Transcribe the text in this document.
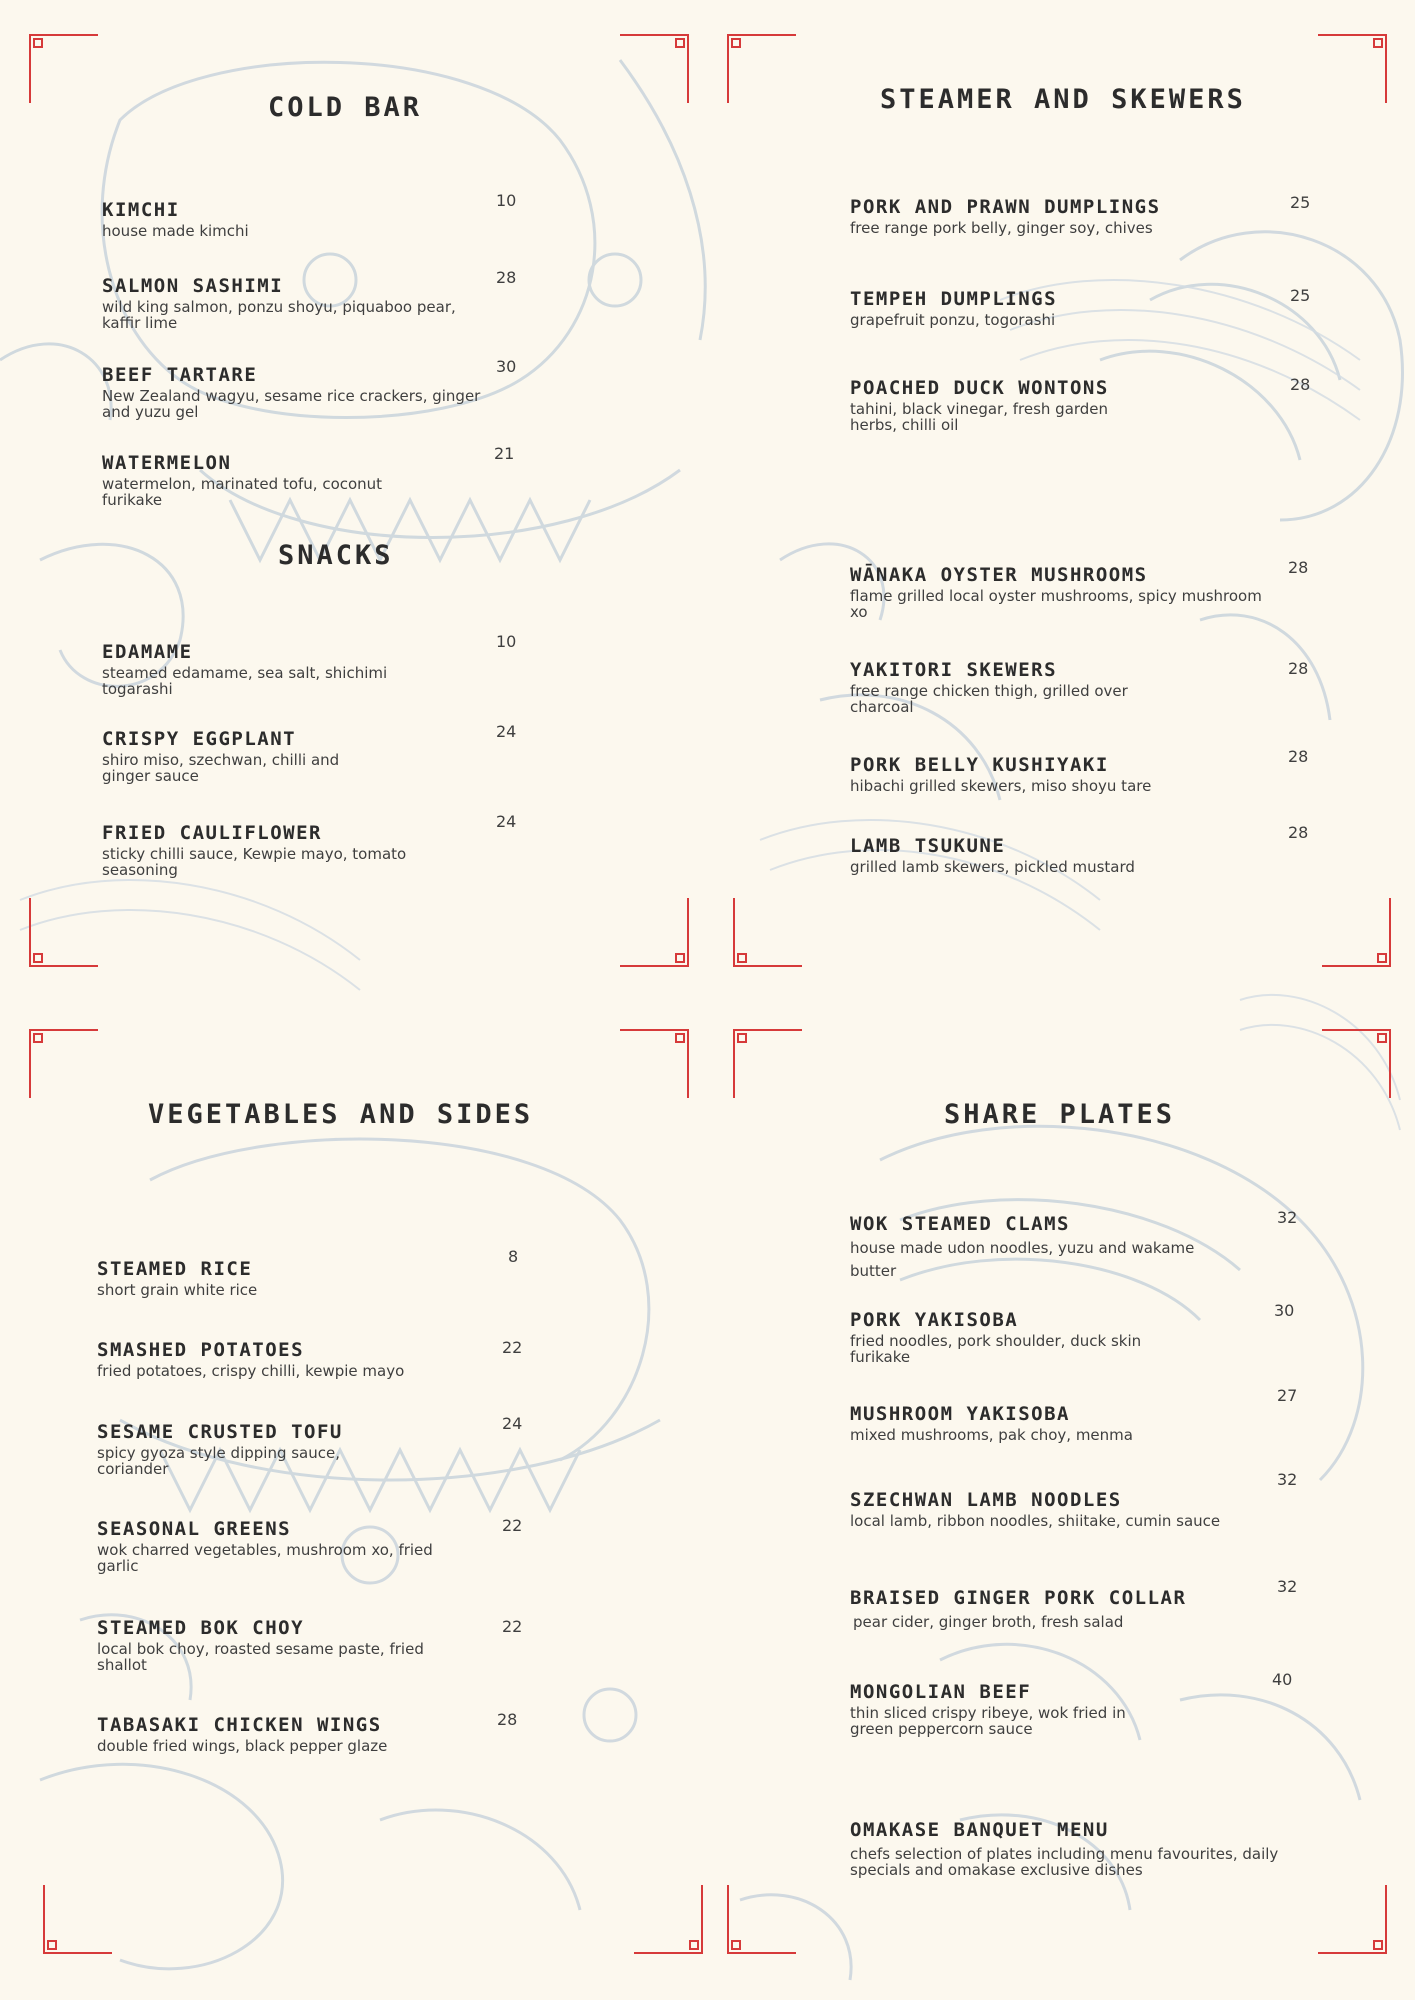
COLD BAR
KIMCHI
house made kimchi
10
SALMON SASHIMI
wild king salmon, ponzu shoyu, piquaboo pear, kaffir lime
28
BEEF TARTARE
New Zealand wagyu, sesame rice crackers, ginger and yuzu gel
30
WATERMELON
watermelon, marinated tofu, coconut furikake
21
SNACKS
EDAMAME
steamed edamame, sea salt, shichimi togarashi
10
CRISPY EGGPLANT
shiro miso, szechwan, chilli and ginger sauce
24
FRIED CAULIFLOWER
sticky chilli sauce, Kewpie mayo, tomato seasoning
24
STEAMER AND SKEWERS
PORK AND PRAWN DUMPLINGS
free range pork belly, ginger soy, chives
25
TEMPEH DUMPLINGS
grapefruit ponzu, togorashi
25
POACHED DUCK WONTONS
tahini, black vinegar, fresh garden herbs, chilli oil
28
WĀNAKA OYSTER MUSHROOMS
flame grilled local oyster mushrooms, spicy mushroom xo
28
YAKITORI SKEWERS
free range chicken thigh, grilled over charcoal
28
PORK BELLY KUSHIYAKI
hibachi grilled skewers, miso shoyu tare
28
LAMB TSUKUNE
grilled lamb skewers, pickled mustard
28
VEGETABLES AND SIDES
STEAMED RICE
short grain white rice
8
SMASHED POTATOES
fried potatoes, crispy chilli, kewpie mayo
22
SESAME CRUSTED TOFU
spicy gyoza style dipping sauce, coriander
24
SEASONAL GREENS
wok charred vegetables, mushroom xo, fried garlic
22
STEAMED BOK CHOY
local bok choy, roasted sesame paste, fried shallot
22
TABASAKI CHICKEN WINGS
double fried wings, black pepper glaze
28
SHARE PLATES
WOK STEAMED CLAMS
house made udon noodles, yuzu and wakame butter
32
PORK YAKISOBA
fried noodles, pork shoulder, duck skin furikake
30
MUSHROOM YAKISOBA
mixed mushrooms, pak choy, menma
27
SZECHWAN LAMB NOODLES
local lamb, ribbon noodles, shiitake, cumin sauce
32
BRAISED GINGER PORK COLLAR
pear cider, ginger broth, fresh salad
32
MONGOLIAN BEEF
thin sliced crispy ribeye, wok fried in green peppercorn sauce
40
OMAKASE BANQUET MENU
chefs selection of plates including menu favourites, daily specials and omakase exclusive dishes
